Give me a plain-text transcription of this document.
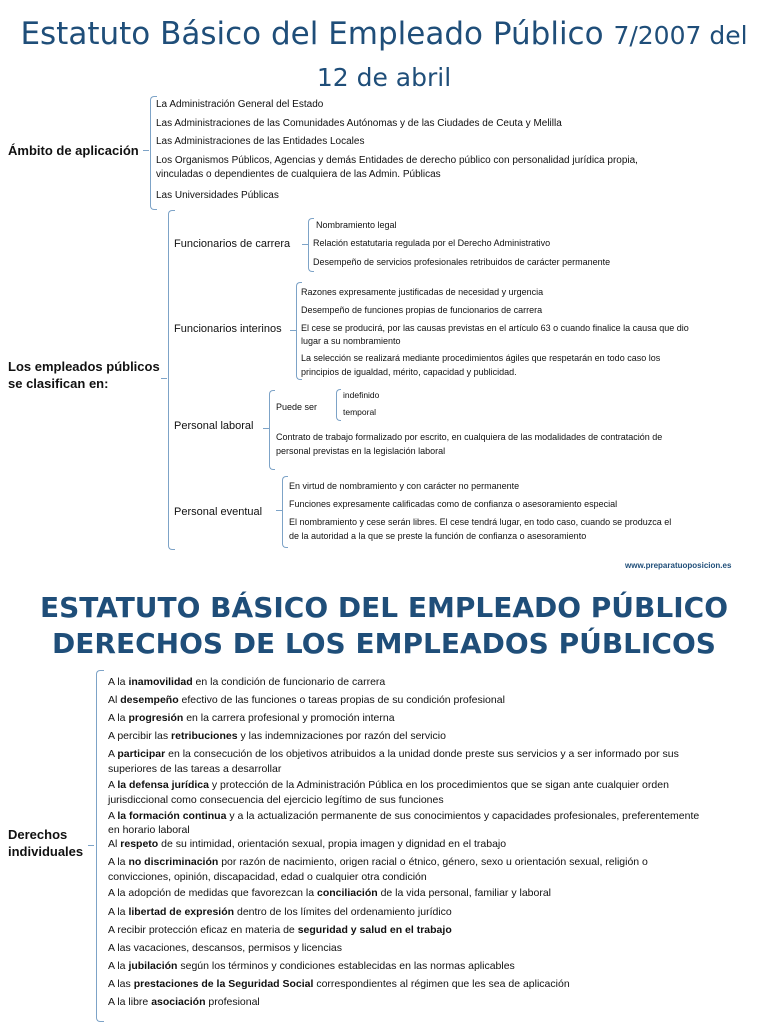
Estatuto Básico del Empleado Público 7/2007 del
12 de abril
Ámbito de aplicación
La Administración General del Estado
Las Administraciones de las Comunidades Autónomas y de las Ciudades de Ceuta y Melilla
Las Administraciones de las Entidades Locales
Los Organismos Públicos, Agencias y demás Entidades de derecho público con personalidad jurídica propia,
vinculadas o dependientes de cualquiera de las Admin. Públicas
Las Universidades Públicas
Los empleados públicos
se clasifican en:
Funcionarios de carrera
Nombramiento legal
Relación estatutaria regulada por el Derecho Administrativo
Desempeño de servicios profesionales retribuidos de carácter permanente
Funcionarios interinos
Razones expresamente justificadas de necesidad y urgencia
Desempeño de funciones propias de funcionarios de carrera
El cese se producirá, por las causas previstas en el artículo 63 o cuando finalice la causa que dio
lugar a su nombramiento
La selección se realizará mediante procedimientos ágiles que respetarán en todo caso los
principios de igualdad, mérito, capacidad y publicidad.
Personal laboral
Puede ser
indefinido
temporal
Contrato de trabajo formalizado por escrito, en cualquiera de las modalidades de contratación de
personal previstas en la legislación laboral
Personal eventual
En virtud de nombramiento y con carácter no permanente
Funciones expresamente calificadas como de confianza o asesoramiento especial
El nombramiento y cese serán libres. El cese tendrá lugar, en todo caso, cuando se produzca el
de la autoridad a la que se preste la función de confianza o asesoramiento
www.preparatuoposicion.es
ESTATUTO BÁSICO DEL EMPLEADO PÚBLICO
DERECHOS DE LOS EMPLEADOS PÚBLICOS
Derechos
individuales
A la inamovilidad en la condición de funcionario de carrera
Al desempeño efectivo de las funciones o tareas propias de su condición profesional
A la progresión en la carrera profesional y promoción interna
A percibir las retribuciones y las indemnizaciones por razón del servicio
A participar en la consecución de los objetivos atribuidos a la unidad donde preste sus servicios y a ser informado por sus
superiores de las tareas a desarrollar
A la defensa jurídica y protección de la Administración Pública en los procedimientos que se sigan ante cualquier orden
jurisdiccional como consecuencia del ejercicio legítimo de sus funciones
A la formación continua y a la actualización permanente de sus conocimientos y capacidades profesionales, preferentemente
en horario laboral
Al respeto de su intimidad, orientación sexual, propia imagen y dignidad en el trabajo
A la no discriminación por razón de nacimiento, origen racial o étnico, género, sexo u orientación sexual, religión o
convicciones, opinión, discapacidad, edad o cualquier otra condición
A la adopción de medidas que favorezcan la conciliación de la vida personal, familiar y laboral
A la libertad de expresión dentro de los límites del ordenamiento jurídico
A recibir protección eficaz en materia de seguridad y salud en el trabajo
A las vacaciones, descansos, permisos y licencias
A la jubilación según los términos y condiciones establecidas en las normas aplicables
A las prestaciones de la Seguridad Social correspondientes al régimen que les sea de aplicación
A la libre asociación profesional
